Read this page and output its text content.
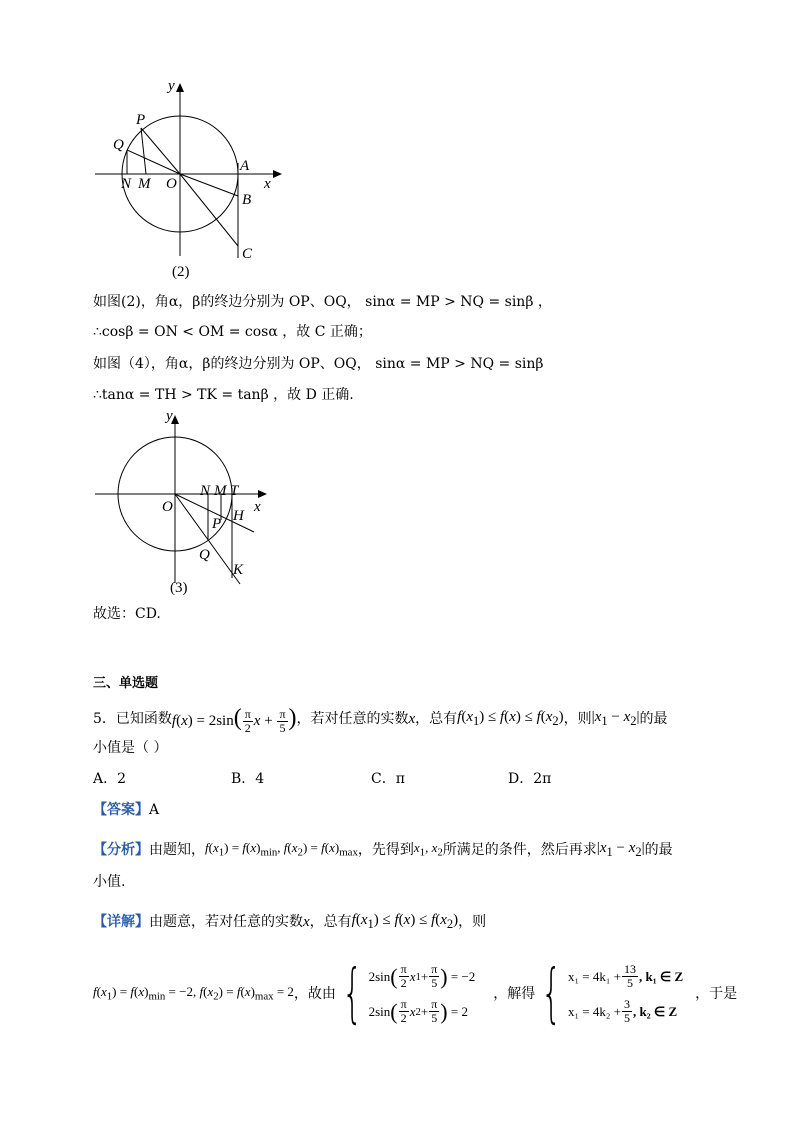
y
x
P
Q
N M O
A
B
C
(2)
如图(2)，角α，β的终边分别为 OP、OQ， sinα = MP > NQ = sinβ ，
∴cosβ = ON < OM = cosα ，故 C 正确；
如图（4），角α，β的终边分别为 OP、OQ， sinα = MP > NQ = sinβ
∴tanα = TH > TK = tanβ ，故 D 正确.
y
x
N M T
O
P H
Q
K
(3)
故选：CD.
三、单选题
5．已知函数 $f(x) = 2\sin( \frac{\pi}{2}$ $x + \frac{\pi}{5}$ ) ，若对任意的实数 x ，总有 $f(x_1) \le f(x) \le f(x_2)$ ，则 $|x_1 - x_2|$ 的最
小值是（ ）
A．2	B．4	C．π	D．2π
【答案】A
【分析】 由题知， $f(x_1) = f(x)_{min}$, $f(x_2) = f(x)_{max}$ ，先得到 $x_1$, $x_2$ 所满足的条件，然后再求 $|x_1 - x_2|$ 的最
小值.
【详解】 由题意，若对任意的实数 x ，总有 $f(x_1) \le f(x) \le f(x_2)$ ，则
$f(x_1) = f(x)_{min} = -2$, $f(x_2) = f(x)_{max} = 2$ ，故由 { 2sin ( $\frac{\pi}{2}$ x $1 + \frac{\pi}{5}$ )
= −2
2sin ( $\frac{\pi}{2}$ x $2 + \frac{\pi}{5}$ )
= 2
，解得 { $x_1 = 4k_1 + \frac{13}{5}$ , k₁ ∈ Z
$x_1 = 4k_2 + \frac{3}{5}$ , k₂ ∈ Z
，于是
